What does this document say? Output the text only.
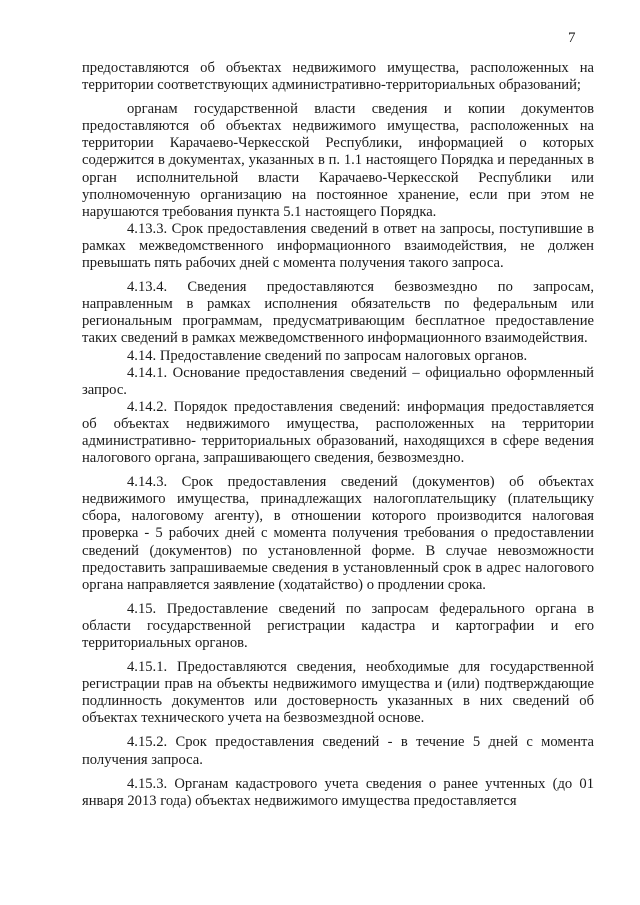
7

предоставляются об объектах недвижимого имущества, расположенных на территории соответствующих административно-территориальных образований;

органам государственной власти сведения и копии документов предоставляются об объектах недвижимого имущества, расположенных на территории Карачаево-Черкесской Республики, информацией о которых содержится в документах, указанных в п. 1.1 настоящего Порядка и переданных в орган исполнительной власти Карачаево-Черкесской Республики или уполномоченную организацию на постоянное хранение, если при этом не нарушаются требования пункта 5.1 настоящего Порядка.

4.13.3. Срок предоставления сведений в ответ на запросы, поступившие в рамках межведомственного информационного взаимодействия, не должен превышать пять рабочих дней с момента получения такого запроса.

4.13.4. Сведения предоставляются безвозмездно по запросам, направленным в рамках исполнения обязательств по федеральным или региональным программам, предусматривающим бесплатное предоставление таких сведений в рамках межведомственного информационного взаимодействия.

4.14. Предоставление сведений по запросам налоговых органов.

4.14.1. Основание предоставления сведений – официально оформленный запрос.

4.14.2. Порядок предоставления сведений: информация предоставляется об объектах недвижимого имущества, расположенных на территории административно- территориальных образований, находящихся в сфере ведения налогового органа, запрашивающего сведения, безвозмездно.

4.14.3. Срок предоставления сведений (документов) об объектах недвижимого имущества, принадлежащих налогоплательщику (плательщику сбора, налоговому агенту), в отношении которого производится налоговая проверка - 5 рабочих дней с момента получения требования о предоставлении сведений (документов) по установленной форме. В случае невозможности предоставить запрашиваемые сведения в установленный срок в адрес налогового органа направляется заявление (ходатайство) о продлении срока.

4.15. Предоставление сведений по запросам федерального органа в области государственной регистрации кадастра и картографии и его территориальных органов.

4.15.1. Предоставляются сведения, необходимые для государственной регистрации прав на объекты недвижимого имущества и (или) подтверждающие подлинность документов или достоверность указанных в них сведений об объектах технического учета на безвозмездной основе.

4.15.2. Срок предоставления сведений - в течение 5 дней с момента получения запроса.

4.15.3. Органам кадастрового учета сведения о ранее учтенных (до 01 января 2013 года) объектах недвижимого имущества предоставляется
